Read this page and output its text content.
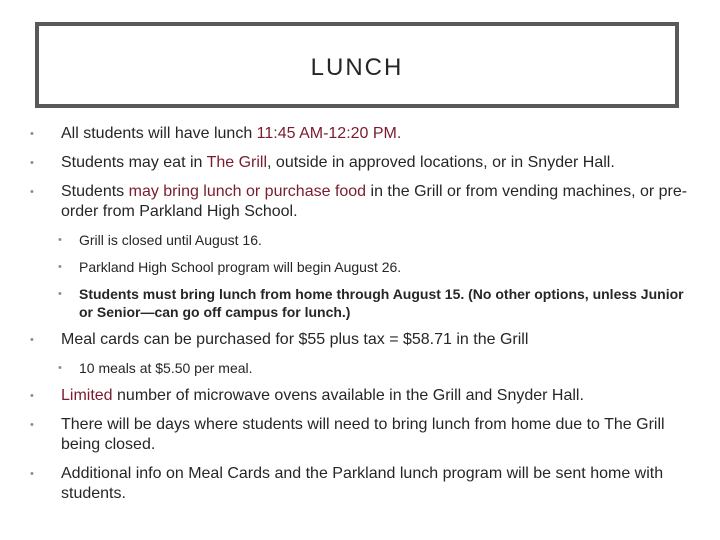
LUNCH
• All students will have lunch 11:45 AM-12:20 PM.
• Students may eat in The Grill, outside in approved locations, or in Snyder Hall.
• Students may bring lunch or purchase food in the Grill or from vending machines, or pre-order from Parkland High School.
• Grill is closed until August 16.
• Parkland High School program will begin August 26.
• Students must bring lunch from home through August 15. (No other options, unless Junior or Senior—can go off campus for lunch.)
• Meal cards can be purchased for $55 plus tax = $58.71 in the Grill
• 10 meals at $5.50 per meal.
• Limited number of microwave ovens available in the Grill and Snyder Hall.
• There will be days where students will need to bring lunch from home due to The Grill being closed.
• Additional info on Meal Cards and the Parkland lunch program will be sent home with students.
